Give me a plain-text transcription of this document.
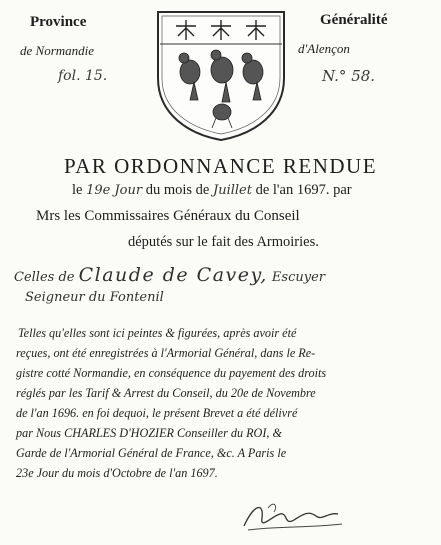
Province
de Normandie
fol. 15.
Généralité
d'Alençon
N.° 58.
PAR ORDONNANCE RENDUE
le 19e Jour du mois de Juillet de l'an 1697. par
Mrs les Commissaires Généraux du Conseil
députés sur le fait des Armoiries.
Celles de Claude de Cavey, Escuyer
Seigneur du Fontenil
Telles qu'elles sont ici peintes & figurées, après avoir été
reçues, ont été enregistrées à l'Armorial Général, dans le Re-
gistre cotté Normandie, en conséquence du payement des droits
réglés par les Tarif & Arrest du Conseil, du 20e de Novembre
de l'an 1696. en foi dequoi, le présent Brevet a été délivré
par Nous CHARLES D'HOZIER Conseiller du ROI, &
Garde de l'Armorial Général de France, &c. A Paris le
23e Jour du mois d'Octobre de l'an 1697.
